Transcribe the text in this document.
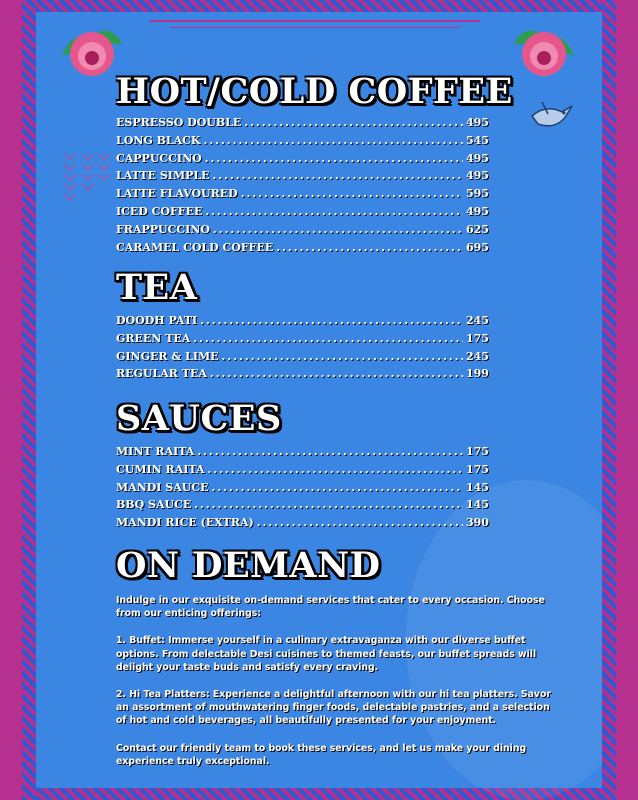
HOT/COLD COFFEE
ESPRESSO DOUBLE .....	495
LONG BLACK .....	545
CAPPUCCINO .....	495
LATTE SIMPLE .....	495
LATTE FLAVOURED .....	595
ICED COFFEE .....	495
FRAPPUCCINO .....	625
CARAMEL COLD COFFEE .....	695
TEA
DOODH PATI .....	245
GREEN TEA .....	175
GINGER & LIME .....	245
REGULAR TEA .....	199
SAUCES
MINT RAITA .....	175
CUMIN RAITA .....	175
MANDI SAUCE .....	145
BBQ SAUCE .....	145
MANDI RICE (EXTRA) .....	390
ON DEMAND

Indulge in our exquisite on-demand services that cater to every occasion. Choose from our enticing offerings:

1. Buffet: Immerse yourself in a culinary extravaganza with our diverse buffet options. From delectable Desi cuisines to themed feasts, our buffet spreads will delight your taste buds and satisfy every craving.

2. Hi Tea Platters: Experience a delightful afternoon with our hi tea platters. Savor an assortment of mouthwatering finger foods, delectable pastries, and a selection of hot and cold beverages, all beautifully presented for your enjoyment.

Contact our friendly team to book these services, and let us make your dining experience truly exceptional.
